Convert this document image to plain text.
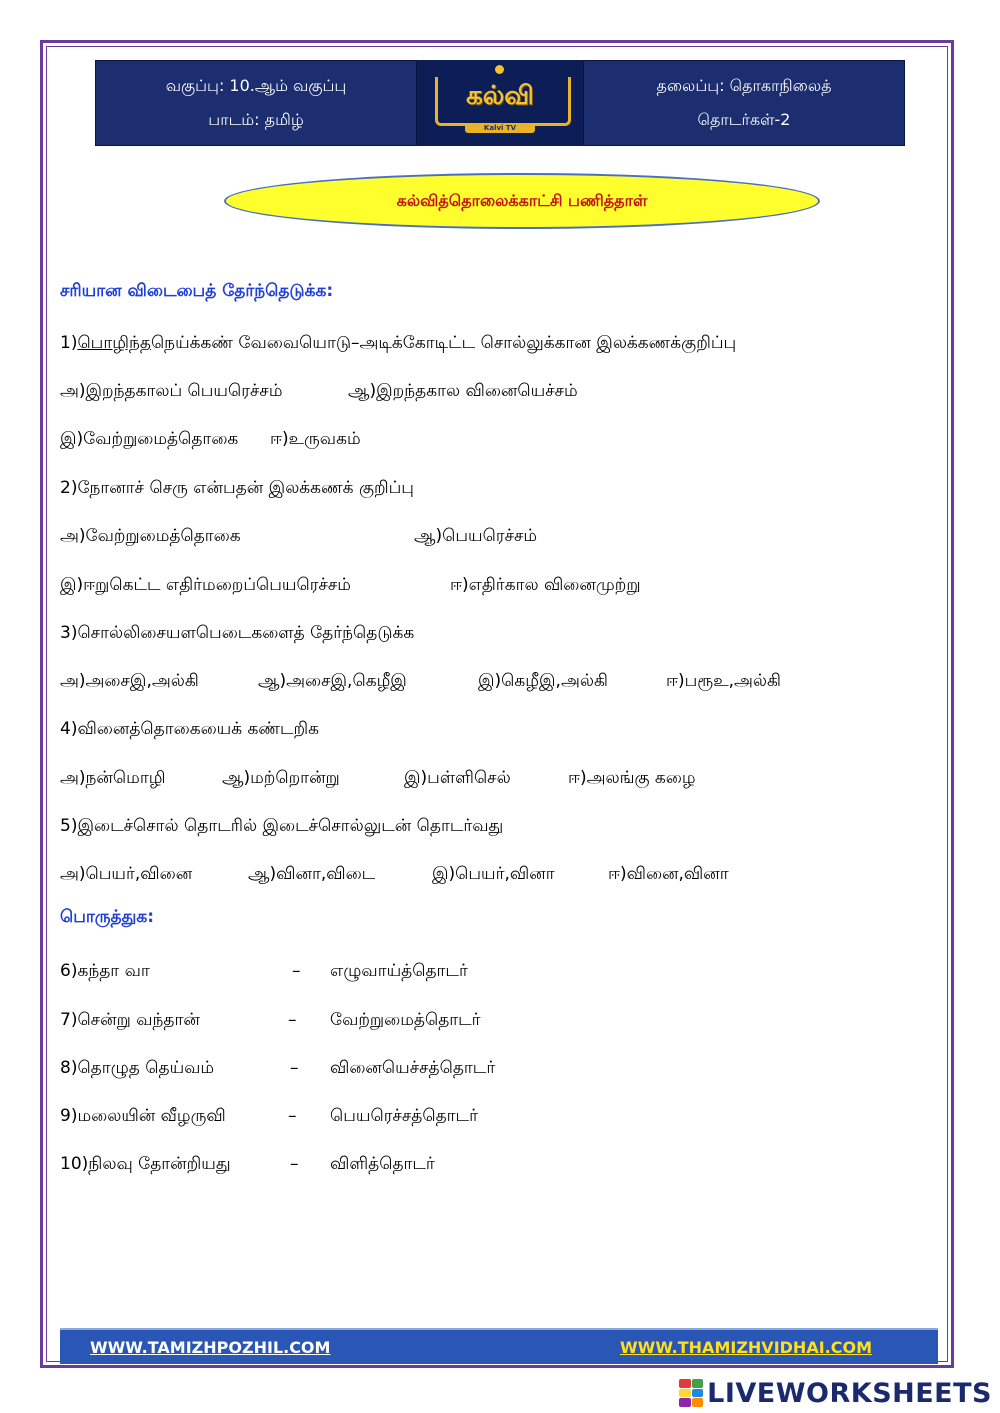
வகுப்பு: 10.ஆம் வகுப்பு
பாடம்: தமிழ்
கல்வி
Kalvi TV
தலைப்பு: தொகாநிலைத்
தொடர்கள்-2
கல்வித்தொலைக்காட்சி பணித்தாள்
சரியான விடைபைத் தேர்ந்தெடுக்க:
1)பொழிந்தநெய்க்கண் வேவையொடு–அடிக்கோடிட்ட சொல்லுக்கான இலக்கணக்குறிப்பு
அ)இறந்தகாலப் பெயரெச்சம்	ஆ)இறந்தகால வினையெச்சம்
இ)வேற்றுமைத்தொகை ஈ)உருவகம்
2)நோனாச் செரு என்பதன் இலக்கணக் குறிப்பு
அ)வேற்றுமைத்தொகை	ஆ)பெயரெச்சம்
இ)ஈறுகெட்ட எதிர்மறைப்பெயரெச்சம்	ஈ)எதிர்கால வினைமுற்று
3)சொல்லிசையளபெடைகளைத் தேர்ந்தெடுக்க
அ)அசைஇ,அல்கி	ஆ)அசைஇ,கெழீஇ	இ)கெழீஇ,அல்கி	ஈ)பரூஉ,அல்கி
4)வினைத்தொகையைக் கண்டறிக
அ)நன்மொழி	ஆ)மற்றொன்று	இ)பள்ளிசெல்	ஈ)அலங்கு கழை
5)இடைச்சொல் தொடரில் இடைச்சொல்லுடன் தொடர்வது
அ)பெயர்,வினை	ஆ)வினா,விடை	இ)பெயர்,வினா	ஈ)வினை,வினா
பொருத்துக:
6)கந்தா வா	– எழுவாய்த்தொடர்
7)சென்று வந்தான்	– வேற்றுமைத்தொடர்
8)தொழுத தெய்வம்	– வினையெச்சத்தொடர்
9)மலையின் வீழருவி	– பெயரெச்சத்தொடர்
10)நிலவு தோன்றியது	– விளித்தொடர்
WWW.TAMIZHPOZHIL.COM	WWW.THAMIZHVIDHAI.COM
LIVEWORKSHEETS
